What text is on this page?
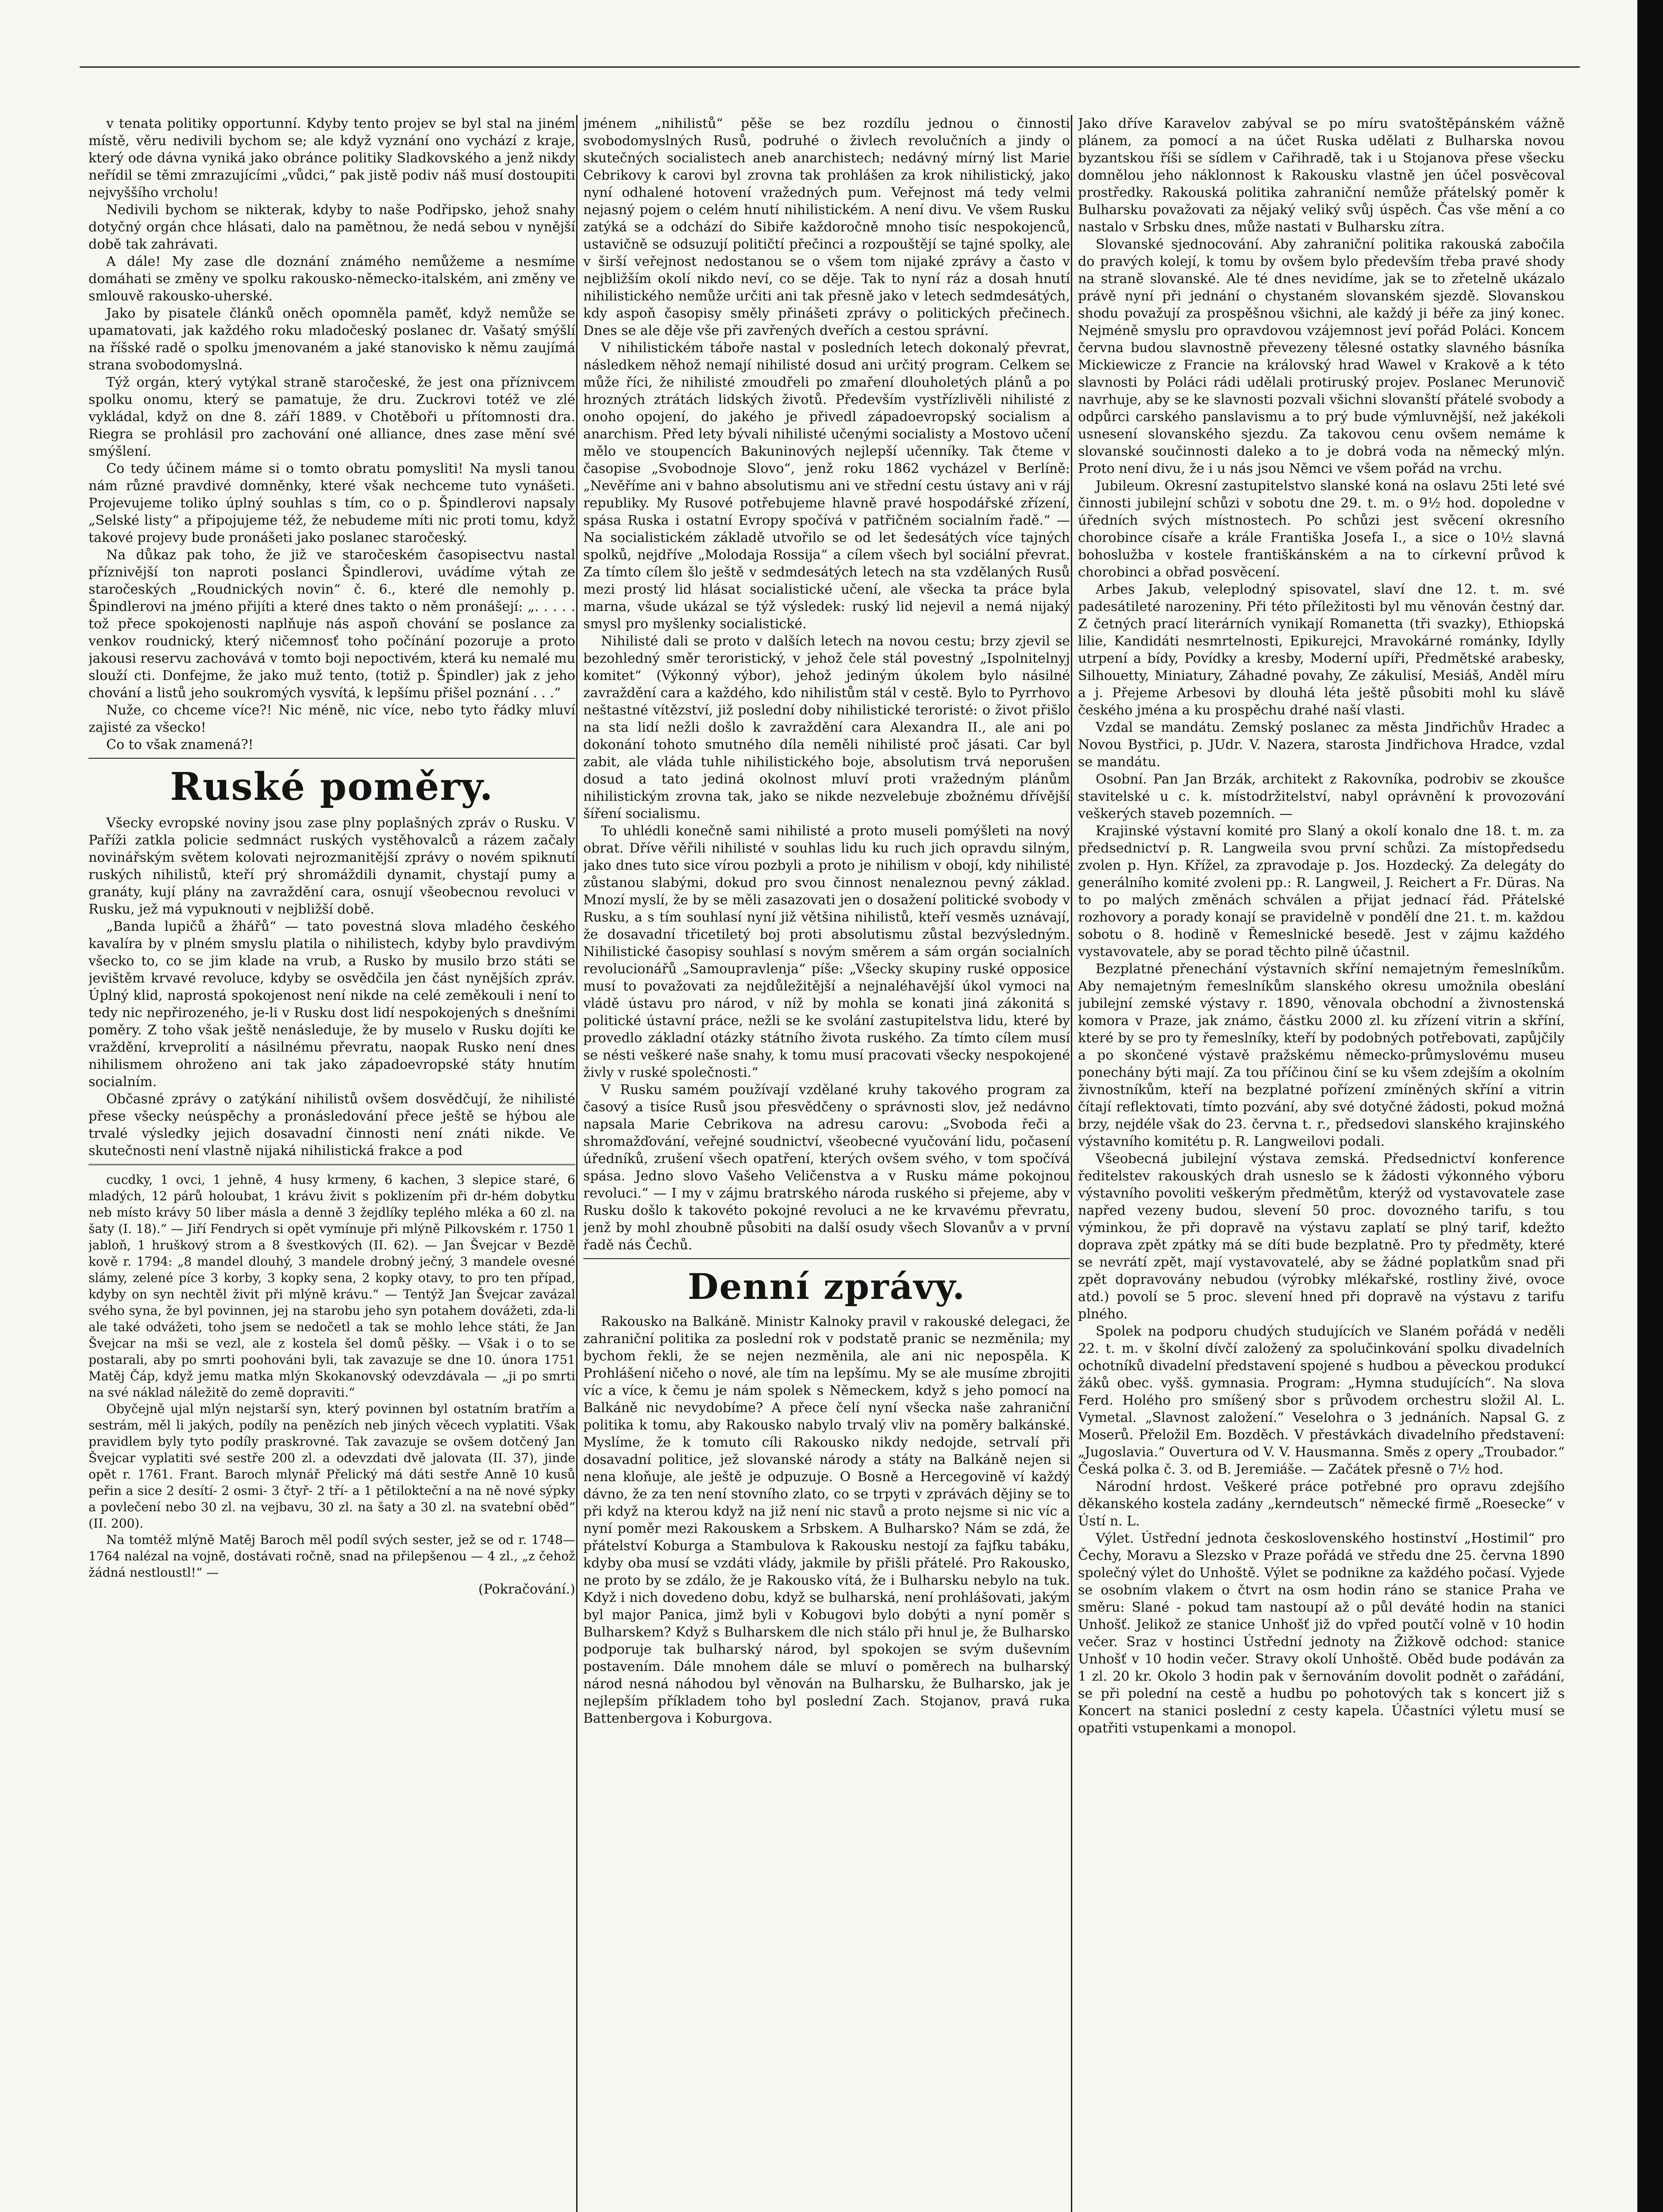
v tenata politiky opportunní. Kdyby tento projev se byl stal na jiném místě, věru nedivili bychom se; ale když vyznání ono vychází z kraje, který ode dávna vyniká jako obránce politiky Sladkovského a jenž nikdy neřídil se těmi zmrazujícími „vůdci,“ pak jistě podiv náš musí dostoupiti nejvyššího vrcholu!

Nedivili bychom se nikterak, kdyby to naše Podřipsko, jehož snahy dotyčný orgán chce hlásati, dalo na pamětnou, že nedá sebou v nynější době tak zahrávati.

A dále! My zase dle doznání známého nemůžeme a nesmíme domáhati se změny ve spolku rakousko-německo-italském, ani změny ve smlouvě rakousko-uherské.

Jako by pisatele článků oněch opomněla paměť, když nemůže se upamatovati, jak každého roku mladočeský poslanec dr. Vašatý smýšlí na říšské radě o spolku jmenovaném a jaké stanovisko k němu zaujímá strana svobodomyslná.

Týž orgán, který vytýkal straně staročeské, že jest ona příznivcem spolku onomu, který se pamatuje, že dru. Zuckrovi totéž ve zlé vykládal, když on dne 8. září 1889. v Chotěboři u přítomnosti dra. Riegra se prohlásil pro zachování oné alliance, dnes zase mění své smýšlení.

Co tedy účinem máme si o tomto obratu pomysliti! Na mysli tanou nám různé pravdivé domněnky, které však nechceme tuto vynášeti. Projevujeme toliko úplný souhlas s tím, co o p. Špindlerovi napsaly „Selské listy“ a připojujeme též, že nebudeme míti nic proti tomu, když takové projevy bude pronášeti jako poslanec staročeský.

Na důkaz pak toho, že již ve staročeském časopisectvu nastal příznivější ton naproti poslanci Špindlerovi, uvádíme výtah ze staročeských „Roudnických novin“ č. 6., které dle nemohly p. Špindlerovi na jméno přijíti a které dnes takto o něm pronášejí: „. . . . . tož přece spokojenosti naplňuje nás aspoň chování se poslance za venkov roudnický, který ničemnosť toho počínání pozoruje a proto jakousi reservu zachovává v tomto boji nepoctivém, která ku nemalé mu slouží cti. Donfejme, že jako muž tento, (totiž p. Špindler) jak z jeho chování a listů jeho soukromých vysvítá, k lepšímu přišel poznání . . .“

Nuže, co chceme více?! Nic méně, nic více, nebo tyto řádky mluví zajisté za všecko!

Co to však znamená?!

Ruské poměry.

Všecky evropské noviny jsou zase plny poplašných zpráv o Rusku. V Paříži zatkla policie sedmnáct ruských vystěhovalců a rázem začaly novinářským světem kolovati nejrozmanitější zprávy o novém spiknutí ruských nihilistů, kteří prý shromáždili dynamit, chystají pumy a granáty, kují plány na zavraždění cara, osnují všeobecnou revoluci v Rusku, jež má vypuknouti v nejbližší době.

„Banda lupičů a žhářů“ — tato povestná slova mladého českého kavalíra by v plném smyslu platila o nihilistech, kdyby bylo pravdivým všecko to, co se jim klade na vrub, a Rusko by musilo brzo státi se jevištěm krvavé revoluce, kdyby se osvědčila jen část nynějších zpráv. Úplný klid, naprostá spokojenost není nikde na celé zeměkouli i není to tedy nic nepřirozeného, je-li v Rusku dost lidí nespokojených s dnešními poměry. Z toho však ještě nenásleduje, že by muselo v Rusku dojíti ke vraždění, krveprolití a násilnému převratu, naopak Rusko není dnes nihilismem ohroženo ani tak jako západoevropské státy hnutím socialním.

Občasné zprávy o zatýkání nihilistů ovšem dosvědčují, že nihilisté přese všecky neúspěchy a pronásledování přece ještě se hýbou ale trvalé výsledky jejich dosavadní činnosti není znáti nikde. Ve skutečnosti není vlastně nijaká nihilistická frakce a pod

cucdky, 1 ovci, 1 jehně, 4 husy krmeny, 6 kachen, 3 slepice staré, 6 mladých, 12 párů holoubat, 1 krávu živit s poklizením při dr-hém dobytku neb místo krávy 50 liber másla a denně 3 žejdlíky teplého mléka a 60 zl. na šaty (I. 18).“ — Jiří Fendrych si opět vymínuje při mlýně Pilkovském r. 1750 1 jabloň, 1 hruškový strom a 8 švestkových (II. 62). — Jan Švejcar v Bezdě kově r. 1794: „8 mandel dlouhý, 3 mandele drobný ječný, 3 mandele ovesné slámy, zelené píce 3 korby, 3 kopky sena, 2 kopky otavy, to pro ten případ, kdyby on syn nechtěl živit při mlýně krávu.“ — Tentýž Jan Švejcar zavázal svého syna, že byl povinnen, jej na starobu jeho syn potahem dovážeti, zda-li ale také odvážeti, toho jsem se nedočetl a tak se mohlo lehce státi, že Jan Švejcar na mši se vezl, ale z kostela šel domů pěšky. — Však i o to se postarali, aby po smrti poohováni byli, tak zavazuje se dne 10. února 1751 Matěj Čáp, když jemu matka mlýn Skokanovský odevzdávala — „ji po smrti na své náklad náležitě do země dopraviti.“

Obyčejně ujal mlýn nejstarší syn, který povinnen byl ostatním bratřím a sestrám, měl li jakých, podíly na penězích neb jiných věcech vyplatiti. Však pravidlem byly tyto podíly praskrovné. Tak zavazuje se ovšem dotčený Jan Švejcar vyplatiti své sestře 200 zl. a odevzdati dvě jalovata (II. 37), jinde opět r. 1761. Frant. Baroch mlynář Přelický má dáti sestře Anně 10 kusů peřin a sice 2 desítí- 2 osmi- 3 čtyř- 2 tří- a 1 pětilokteční a na ně nové sýpky a povlečení nebo 30 zl. na vejbavu, 30 zl. na šaty a 30 zl. na svatební oběd“ (II. 200).

Na tomtéž mlýně Matěj Baroch měl podíl svých sester, jež se od r. 1748—1764 nalézal na vojně, dostávati ročně, snad na přilepšenou — 4 zl., „z čehož žádná nestloustl!“ —

(Pokračování.)

jménem „nihilistů“ pěše se bez rozdílu jednou o činnosti svobodomyslných Rusů, podruhé o živlech revolučních a jindy o skutečných socialistech aneb anarchistech; nedávný mírný list Marie Cebrikovy k carovi byl zrovna tak prohlášen za krok nihilistický, jako nyní odhalené hotovení vražedných pum. Veřejnost má tedy velmi nejasný pojem o celém hnutí nihilistickém. A není divu. Ve všem Rusku zatýká se a odchází do Sibiře každoročně mnoho tisíc nespokojenců, ustavičně se odsuzují političtí přečinci a rozpouštějí se tajné spolky, ale v širší veřejnost nedostanou se o všem tom nijaké zprávy a často v nejbližším okolí nikdo neví, co se děje. Tak to nyní ráz a dosah hnutí nihilistického nemůže určiti ani tak přesně jako v letech sedmdesátých, kdy aspoň časopisy směly přinášeti zprávy o politických přečinech. Dnes se ale děje vše při zavřených dveřích a cestou správní.

V nihilistickém táboře nastal v posledních letech dokonalý převrat, následkem něhož nemají nihilisté dosud ani určitý program. Celkem se může říci, že nihilisté zmoudřeli po zmaření dlouholetých plánů a po hrozných ztrátách lidských životů. Především vystřízlivěli nihilisté z onoho opojení, do jakého je přivedl západoevropský socialism a anarchism. Před lety bývali nihilisté učenými socialisty a Mostovo učení mělo ve stoupencích Bakuninových nejlepší učenníky. Tak čteme v časopise „Svobodnoje Slovo“, jenž roku 1862 vycházel v Berlíně: „Nevěříme ani v bahno absolutismu ani ve střední cestu ústavy ani v ráj republiky. My Rusové potřebujeme hlavně pravé hospodářské zřízení, spása Ruska i ostatní Evropy spočívá v patřičném socialním řadě.“ — Na socialistickém základě utvořilo se od let šedesátých více tajných spolků, nejdříve „Molodaja Rossija“ a cílem všech byl sociální převrat. Za tímto cílem šlo ještě v sedmdesátých letech na sta vzdělaných Rusů mezi prostý lid hlásat socialistické učení, ale všecka ta práce byla marna, všude ukázal se týž výsledek: ruský lid nejevil a nemá nijaký smysl pro myšlenky socialistické.

Nihilisté dali se proto v dalších letech na novou cestu; brzy zjevil se bezohledný směr teroristický, v jehož čele stál povestný „Ispolnitelnyj komitet“ (Výkonný výbor), jehož jediným úkolem bylo násilné zavraždění cara a každého, kdo nihilistům stál v cestě. Bylo to Pyrrhovo neštastné vítězství, již poslední doby nihilistické teroristé: o život přišlo na sta lidí nežli došlo k zavraždění cara Alexandra II., ale ani po dokonání tohoto smutného díla neměli nihilisté proč jásati. Car byl zabit, ale vláda tuhle nihilistického boje, absolutism trvá neporušen dosud a tato jediná okolnost mluví proti vražedným plánům nihilistickým zrovna tak, jako se nikde nezvelebuje zbožnému dřívější šíření socialismu.

To uhlédli konečně sami nihilisté a proto museli pomýšleti na nový obrat. Dříve věřili nihilisté v souhlas lidu ku ruch jich opravdu silným, jako dnes tuto sice vírou pozbyli a proto je nihilism v obojí, kdy nihilisté zůstanou slabými, dokud pro svou činnost nenaleznou pevný základ. Mnozí myslí, že by se měli zasazovati jen o dosažení politické svobody v Rusku, a s tím souhlasí nyní již většina nihilistů, kteří vesměs uznávají, že dosavadní třicetiletý boj proti absolutismu zůstal bezvýsledným. Nihilistické časopisy souhlasí s novým směrem a sám orgán socialních revolucionářů „Samoupravlenja“ píše: „Všecky skupiny ruské opposice musí to považovati za nejdůležitější a nejnaléhavější úkol vymoci na vládě ústavu pro národ, v níž by mohla se konati jiná zákonitá s politické ústavní práce, nežli se ke svolání zastupitelstva lidu, které by provedlo základní otázky státního života ruského. Za tímto cílem musí se nésti veškeré naše snahy, k tomu musí pracovati všecky nespokojené živly v ruské společnosti.“

V Rusku samém používají vzdělané kruhy takového program za časový a tisíce Rusů jsou přesvědčeny o správnosti slov, jež nedávno napsala Marie Cebrikova na adresu carovu: „Svoboda řeči a shromažďování, veřejné soudnictví, všeobecné vyučování lidu, počasení úředníků, zrušení všech opatření, kterých ovšem svého, v tom spočívá spása. Jedno slovo Vašeho Veličenstva a v Rusku máme pokojnou revoluci.“ — I my v zájmu bratrského národa ruského si přejeme, aby v Rusku došlo k takovéto pokojné revoluci a ne ke krvavému převratu, jenž by mohl zhoubně působiti na další osudy všech Slovanův a v první řadě nás Čechů.

Denní zprávy.

Rakousko na Balkáně. Ministr Kalnoky pravil v rakouské delegaci, že zahraniční politika za poslední rok v podstatě pranic se nezměnila; my bychom řekli, že se nejen nezměnila, ale ani nic nepospěla. K Prohlášení ničeho o nové, ale tím na lepšímu. My se ale musíme zbrojiti víc a více, k čemu je nám spolek s Německem, když s jeho pomocí na Balkáně nic nevydobíme? A přece čelí nyní všecka naše zahraniční politika k tomu, aby Rakousko nabylo trvalý vliv na poměry balkánské. Myslíme, že k tomuto cíli Rakousko nikdy nedojde, setrvalí při dosavadní politice, jež slovanské národy a státy na Balkáně nejen si nena kloňuje, ale ještě je odpuzuje. O Bosně a Hercegovině ví každý dávno, že za ten není stovního zlato, co se trpyti v zprávách dějiny se to při když na kterou když na již není nic stavů a proto nejsme si nic víc a nyní poměr mezi Rakouskem a Srbskem. A Bulharsko? Nám se zdá, že přátelství Koburga a Stambulova k Rakousku nestojí za fajfku tabáku, kdyby oba musí se vzdáti vlády, jakmile by přišli přátelé. Pro Rakousko, ne proto by se zdálo, že je Rakousko vítá, že i Bulharsku nebylo na tuk. Když i nich dovedeno dobu, když se bulharská, není prohlášovati, jakým byl major Panica, jimž byli v Kobugovi bylo dobýti a nyní poměr s Bulharskem? Když s Bulharskem dle nich stálo při hnul je, že Bulharsko podporuje tak bulharský národ, byl spokojen se svým duševním postavením. Dále mnohem dále se mluví o poměrech na bulharský národ nesná náhodou byl věnován na Bulharsku, že Bulharsko, jak je nejlepším příkladem toho byl poslední Zach. Stojanov, pravá ruka Battenbergova i Koburgova.

Jako dříve Karavelov zabýval se po míru svatoštěpánském vážně plánem, za pomocí a na účet Ruska udělati z Bulharska novou byzantskou říši se sídlem v Cařihradě, tak i u Stojanova přese všecku domnělou jeho náklonnost k Rakousku vlastně jen účel posvěcoval prostředky. Rakouská politika zahraniční nemůže přátelský poměr k Bulharsku považovati za nějaký veliký svůj úspěch. Čas vše mění a co nastalo v Srbsku dnes, může nastati v Bulharsku zítra.

Slovanské sjednocování. Aby zahraniční politika rakouská zabočila do pravých kolejí, k tomu by ovšem bylo především třeba pravé shody na straně slovanské. Ale té dnes nevidíme, jak se to zřetelně ukázalo právě nyní při jednání o chystaném slovanském sjezdě. Slovanskou shodu považují za prospěšnou všichni, ale každý ji béře za jiný konec. Nejméně smyslu pro opravdovou vzájemnost jeví pořád Poláci. Koncem června budou slavnostně převezeny tělesné ostatky slavného básníka Mickiewicze z Francie na královský hrad Wawel v Krakově a k této slavnosti by Poláci rádi udělali protiruský projev. Poslanec Merunovič navrhuje, aby se ke slavnosti pozvali všichni slovanští přátelé svobody a odpůrci carského panslavismu a to prý bude výmluvnější, než jakékoli usnesení slovanského sjezdu. Za takovou cenu ovšem nemáme k slovanské součinnosti daleko a to je dobrá voda na německý mlýn. Proto není divu, že i u nás jsou Němci ve všem pořád na vrchu.

Jubileum. Okresní zastupitelstvo slanské koná na oslavu 25ti leté své činnosti jubilejní schůzi v sobotu dne 29. t. m. o 9½ hod. dopoledne v úředních svých místnostech. Po schůzi jest svěcení okresního chorobince císaře a krále Františka Josefa I., a sice o 10½ slavná bohoslužba v kostele františkánském a na to církevní průvod k chorobinci a obřad posvěcení.

Arbes Jakub, veleplodný spisovatel, slaví dne 12. t. m. své padesátileté narozeniny. Při této příležitosti byl mu věnován čestný dar. Z četných prací literárních vynikají Romanetta (tři svazky), Ethiopská lilie, Kandidáti nesmrtelnosti, Epikurejci, Mravokárné románky, Idylly utrpení a bídy, Povídky a kresby, Moderní upíři, Předmětské arabesky, Silhouetty, Miniatury, Záhadné povahy, Ze zákulisí, Mesiáš, Anděl míru a j. Přejeme Arbesovi by dlouhá léta ještě působiti mohl ku slávě českého jména a ku prospěchu drahé naší vlasti.

Vzdal se mandátu. Zemský poslanec za města Jindřichův Hradec a Novou Bystřici, p. JUdr. V. Nazera, starosta Jindřichova Hradce, vzdal se mandátu.

Osobní. Pan Jan Brzák, architekt z Rakovníka, podrobiv se zkoušce stavitelské u c. k. místodržitelství, nabyl oprávnění k provozování veškerých staveb pozemních. —

Krajinské výstavní komité pro Slaný a okolí konalo dne 18. t. m. za předsednictví p. R. Langweila svou první schůzi. Za místopředsedu zvolen p. Hyn. Křížel, za zpravodaje p. Jos. Hozdecký. Za delegáty do generálního komité zvoleni pp.: R. Langweil, J. Reichert a Fr. Düras. Na to po malých změnách schválen a přijat jednací řád. Přátelské rozhovory a porady konají se pravidelně v pondělí dne 21. t. m. každou sobotu o 8. hodině v Řemeslnické besedě. Jest v zájmu každého vystavovatele, aby se porad těchto pilně účastnil.

Bezplatné přenechání výstavních skříní nemajetným řemeslníkům. Aby nemajetným řemeslníkům slanského okresu umožnila obeslání jubilejní zemské výstavy r. 1890, věnovala obchodní a živnostenská komora v Praze, jak známo, částku 2000 zl. ku zřízení vitrin a skříní, které by se pro ty řemeslníky, kteří by podobných potřebovati, zapůjčily a po skončené výstavě pražskému německo-průmyslovému museu ponechány býti mají. Za tou příčinou činí se ku všem zdejším a okolním živnostníkům, kteří na bezplatné pořízení zmíněných skříní a vitrin čítají reflektovati, tímto pozvání, aby své dotyčné žádosti, pokud možná brzy, nejdéle však do 23. června t. r., předsedovi slanského krajinského výstavního komitétu p. R. Langweilovi podali.

Všeobecná jubilejní výstava zemská. Předsednictví konference ředitelstev rakouských drah usneslo se k žádosti výkonného výboru výstavního povoliti veškerým předmětům, kterýž od vystavovatele zase napřed vezeny budou, slevení 50 proc. dovozného tarifu, s tou výminkou, že při dopravě na výstavu zaplatí se plný tarif, kdežto doprava zpět zpátky má se díti bude bezplatně. Pro ty předměty, které se nevrátí zpět, mají vystavovatelé, aby se žádné poplatkům snad při zpět dopravovány nebudou (výrobky mlékařské, rostliny živé, ovoce atd.) povolí se 5 proc. slevení hned při dopravě na výstavu z tarifu plného.

Spolek na podporu chudých studujících ve Slaném pořádá v neděli 22. t. m. v školní dívčí založený za spolučinkování spolku divadelních ochotníků divadelní představení spojené s hudbou a pěveckou produkcí žáků obec. vyšš. gymnasia. Program: „Hymna studujících“. Na slova Ferd. Holého pro smíšený sbor s průvodem orchestru složil Al. L. Vymetal. „Slavnost založení.“ Veselohra o 3 jednáních. Napsal G. z Moserů. Přeložil Em. Bozděch. V přestávkách divadelního představení: „Jugoslavia.“ Ouvertura od V. V. Hausmanna. Směs z opery „Troubador.“ Česká polka č. 3. od B. Jeremiáše. — Začátek přesně o 7½ hod.

Národní hrdost. Veškeré práce potřebné pro opravu zdejšího děkanského kostela zadány „kerndeutsch“ německé firmě „Roesecke“ v Ústí n. L.

Výlet. Ústřední jednota československého hostinství „Hostimil“ pro Čechy, Moravu a Slezsko v Praze pořádá ve středu dne 25. června 1890 společný výlet do Unhoště. Výlet se podnikne za každého počasí. Vyjede se osobním vlakem o čtvrt na osm hodin ráno se stanice Praha ve směru: Slané - pokud tam nastoupí až o půl deváté hodin na stanici Unhošť. Jelikož ze stanice Unhošť již do vpřed poutčí volně v 10 hodin večer. Sraz v hostinci Ústřední jednoty na Žižkově odchod: stanice Unhošť v 10 hodin večer. Stravy okolí Unhoště. Oběd bude podáván za 1 zl. 20 kr. Okolo 3 hodin pak v šernováním dovolit podnět o zařádání, se při polední na cestě a hudbu po pohotových tak s koncert již s Koncert na stanici poslední z cesty kapela. Účastníci výletu musí se opatřiti vstupenkami a monopol.
